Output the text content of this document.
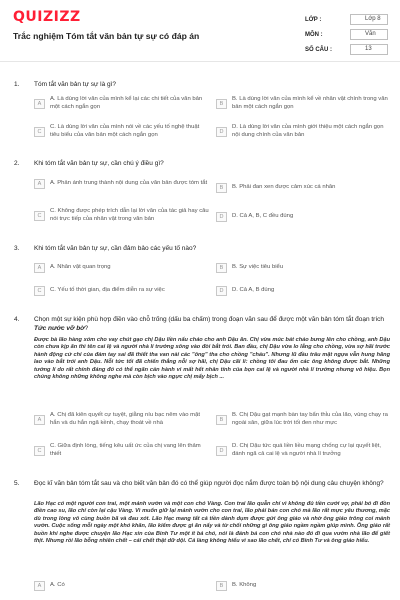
QUIZIZZ
Trắc nghiệm Tóm tắt văn bản tự sự có đáp án
LỚP :	Lớp 8
MÔN :	Văn
SỐ CÂU :	13
1. Tóm tắt văn bản tự sự là gì?
A
A. Là dùng lời văn của mình kể lại các chi tiết của văn bản một cách ngắn gọn	B
B. Là dùng lời văn của mình kể về nhân vật chính trong văn bản một cách ngắn gọn
C
C. Là dùng lời văn của mình nói về các yếu tố nghệ thuật tiêu biểu của văn bản một cách ngắn gọn	D
D. Là dùng lời văn của mình giới thiệu một cách ngắn gọn nội dung chính của văn bản
2. Khi tóm tắt văn bản tự sự, cần chú ý điều gì?
A	A. Phản ánh trung thành nội dung của văn bản được tóm tắt
B	B. Phải đan xen được cảm xúc cá nhân
C
C. Không được phép trích dẫn lại lời văn của tác giả hay câu nói trực tiếp của nhân vật trong văn bản	D	D. Cả A, B, C đều đúng
3. Khi tóm tắt văn bản tự sự, cần đảm bảo các yếu tố nào?
A	A. Nhân vật quan trọng	B	B. Sự việc tiêu biểu
C	C. Yếu tố thời gian, địa điểm diễn ra sự việc	D	D. Cả A, B đúng
4. Chọn một sự kiện phù hợp điền vào chỗ trống (dấu ba chấm) trong đoạn văn sau để được một văn bản tóm tắt đoạn trích Tức nước vỡ bờ?
Được bà lão hàng xóm cho vay chút gạo chị Dậu liền nấu cháo cho anh Dậu ăn. Chị vừa múc bát cháo bưng lên cho chồng, anh Dậu còn chưa kịp ăn thì tên cai lệ và người nhà lí trưởng xông vào đòi bắt trói. Ban đầu, chị Dậu vừa lo lắng cho chồng, vừa sợ hãi trước hành động cứ chỉ của đám tay sai đã thiết tha van nài các "ông" tha cho chồng "cháu". Nhưng lũ đầu trâu mặt ngựa vẫn hung hăng lao vào bắt trói anh Dậu. Nỗi tức tối đã chiến thắng nỗi sợ hãi, chị Dậu cãi lí: chồng tôi đau ốm các ông không được bắt. Những tưởng lí do rất chính đáng đó có thể ngăn cản hành vi mất hết nhân tính của bọn cai lệ và người nhà lí trưởng nhưng vô hiệu. Bọn chúng không những không nghe mà còn bịch vào ngực chị mấy bịch ...
A
A. Chị đã kiên quyết cự tuyệt, giằng níu bạc nêm vào mặt hắn và du hắn ngã kềnh, chạy thoát về nhà	B
B. Chị Dậu gạt mạnh bàn tay bẩn thỉu của lão, vùng chạy ra ngoài sân, giữa lúc trời tối đen như mực
C
C. Giữa định lòng, tiếng kêu uất ức của chị vang lên thảm thiết	D
D. Chị Dậu tức quá liền liều mạng chống cự lại quyết liệt, đánh ngã cả cai lệ và người nhà lí trưởng
5. Đọc kĩ văn bản tóm tắt sau và cho biết văn bản đó có thể giúp người đọc nắm được toàn bộ nội dung câu chuyện không?
Lão Hạc có một người con trai, một mảnh vườn và một con chó Vàng. Con trai lão quẫn chí vì không đủ tiền cưới vợ, phải bỏ đi đồn điền cao su, lão chỉ còn lại cậu Vàng. Vì muốn giữ lại mảnh vườn cho con trai, lão phải bán con chó mà lão rất mực yêu thương, mặc dù trong lòng vô cùng buồn bã và đau xót. Lão Hạc mang tất cả tiền dành dụm được gửi ông giáo và nhờ ông giáo trông coi mảnh vườn. Cuộc sống mỗi ngày một khó khăn, lão kiếm được gì ăn nấy và từ chối những gì ông giáo ngầm ngầm giúp mình. Ông giáo rất buồn khi nghe được chuyện lão Hạc xin của Binh Tư một ít bả chó, nói là đánh bả con chó nhà nào đó đi qua vườn nhà lão để giết thịt. Nhưng rồi lão bỗng nhiên chết – cái chết thật dữ dội. Cả làng không hiểu vì sao lão chết, chỉ có Binh Tư và ông giáo hiểu.
A	A. Có	B	B. Không
